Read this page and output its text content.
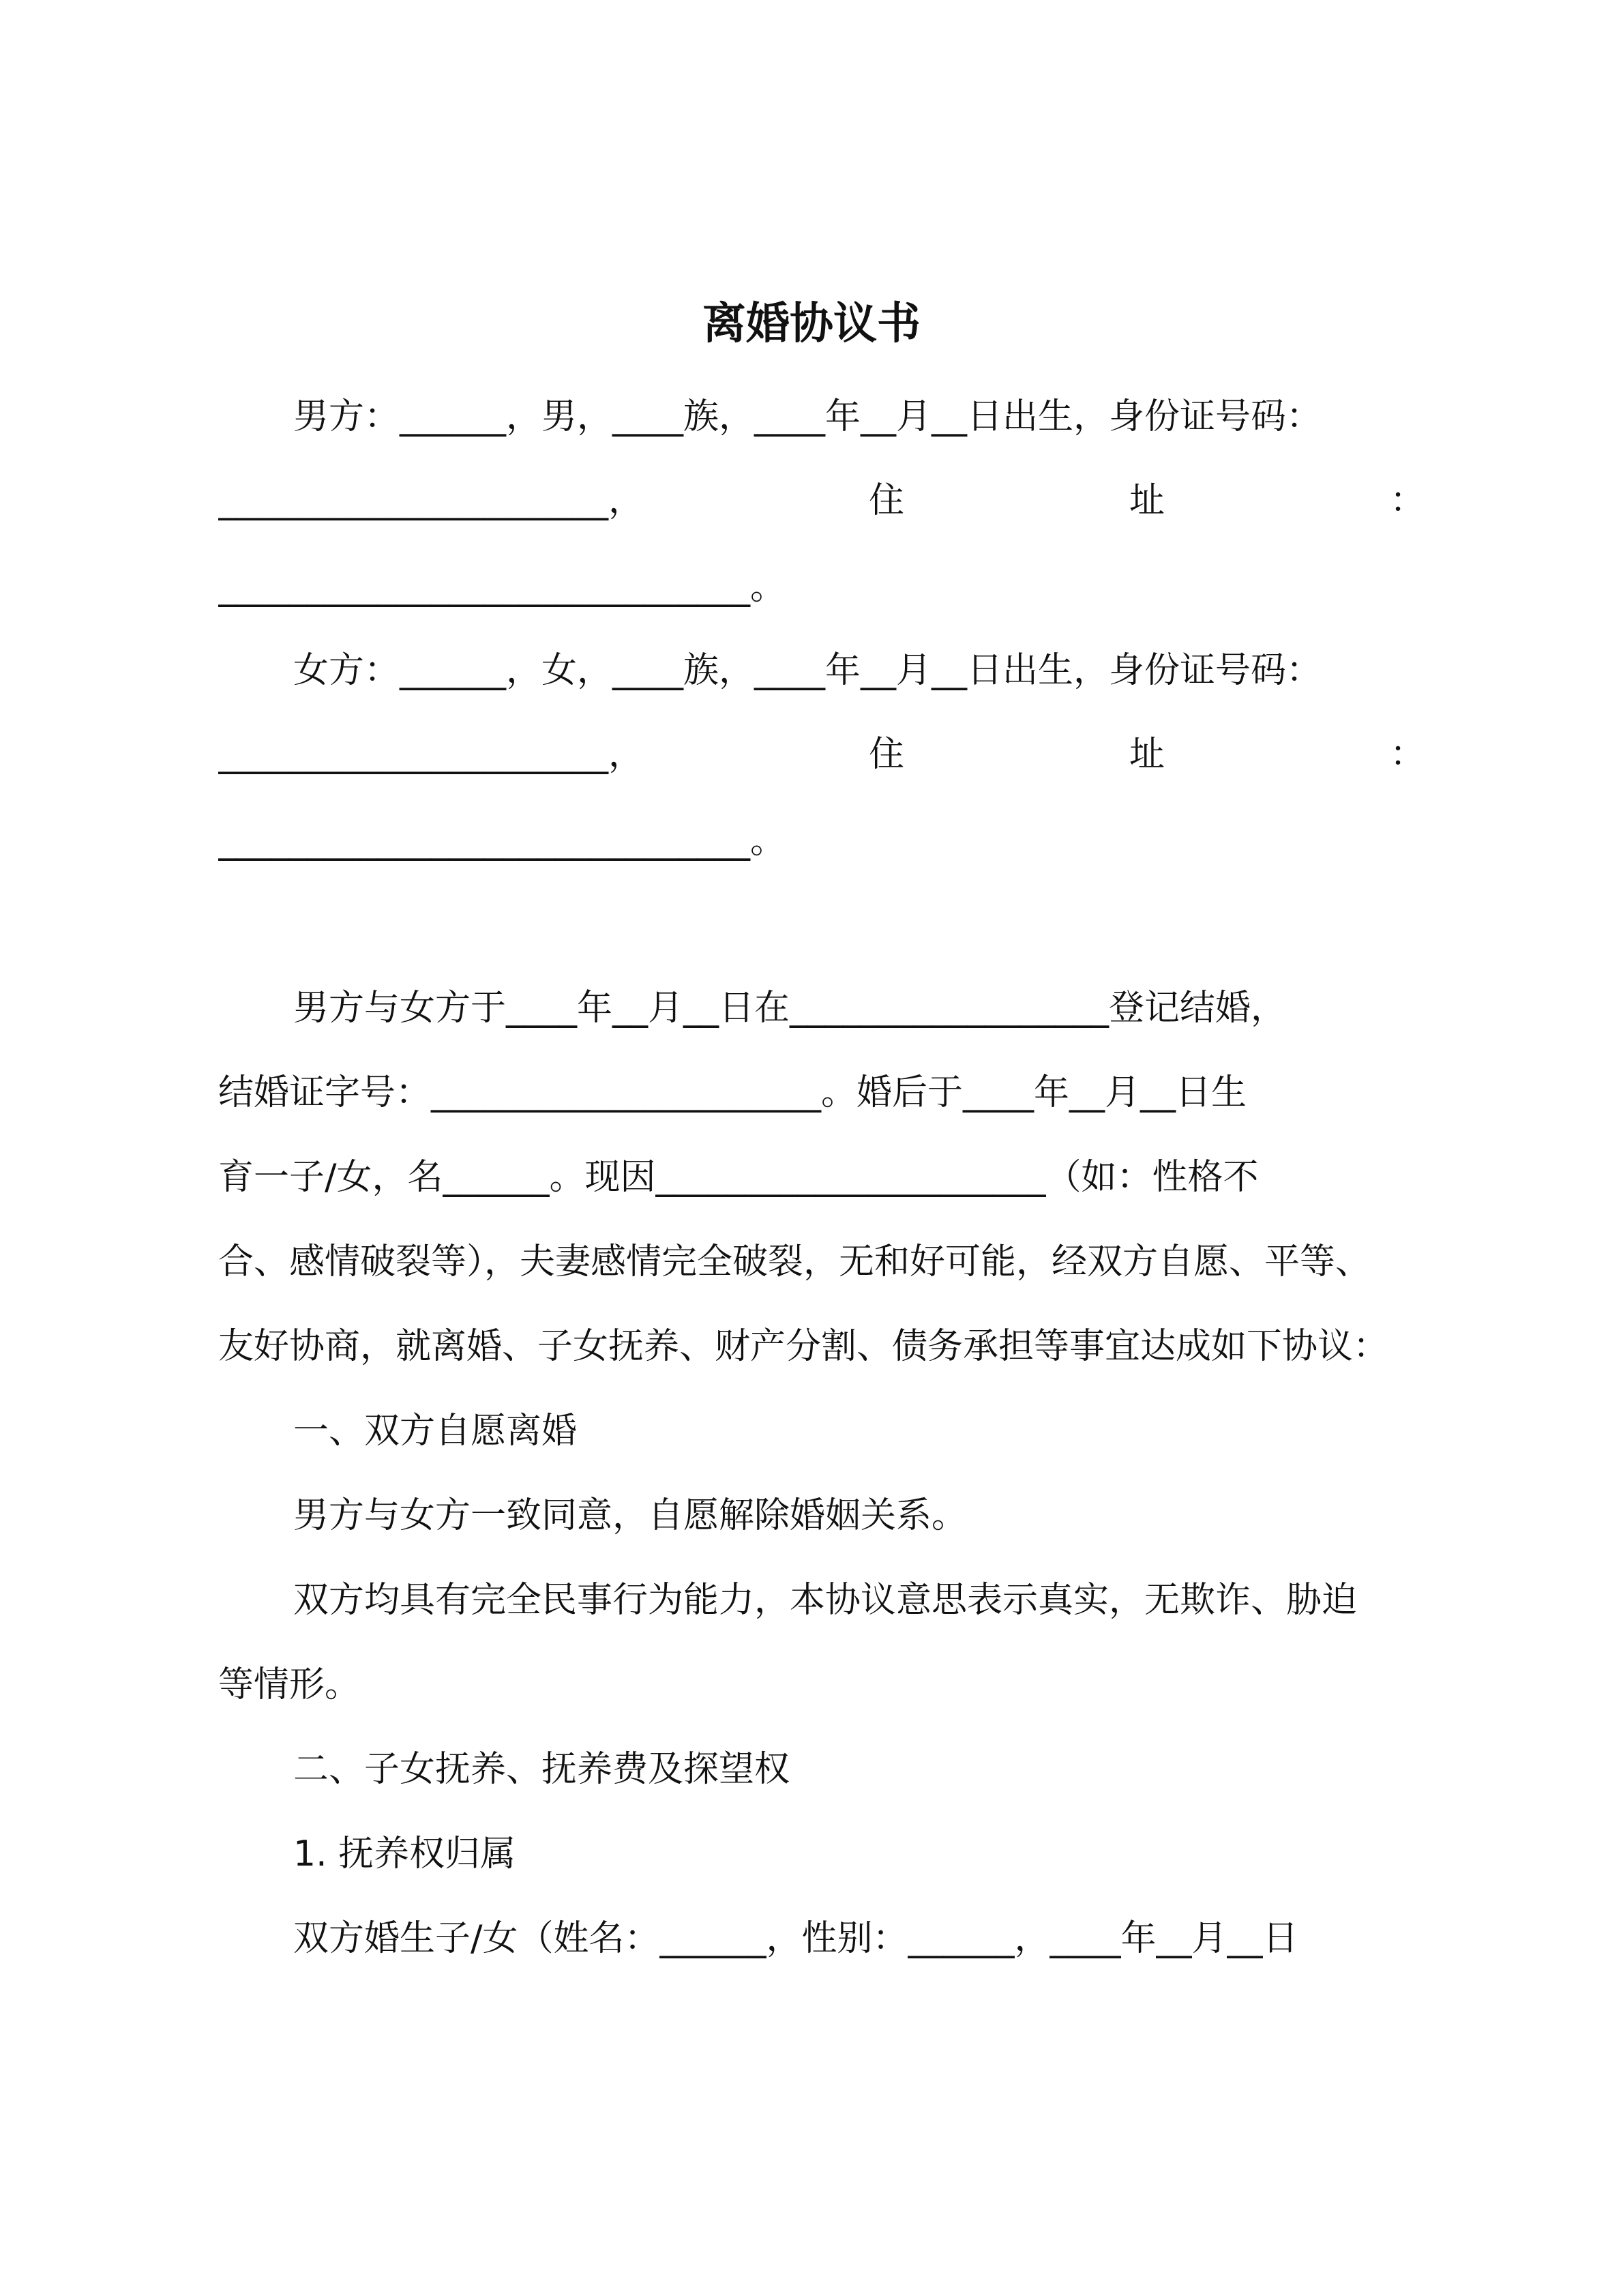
离婚协议书
男方：______，男，____族，____年__月__日出生，身份证号码：
______________________，	住	址	：
______________________________。
女方：______，女，____族，____年__月__日出生，身份证号码：
______________________，	住	址	：
______________________________。
男方与女方于____年__月__日在__________________登记结婚，
结婚证字号：______________________。婚后于____年__月__日生
育一子/女，名______。现因______________________（如：性格不
合、感情破裂等），夫妻感情完全破裂，无和好可能，经双方自愿、平等、
友好协商，就离婚、子女抚养、财产分割、债务承担等事宜达成如下协议：
一、双方自愿离婚
男方与女方一致同意，自愿解除婚姻关系。
双方均具有完全民事行为能力，本协议意思表示真实，无欺诈、胁迫
等情形。
二、子女抚养、抚养费及探望权
1. 抚养权归属
双方婚生子/女（姓名：______，性别：______，____年__月__日
